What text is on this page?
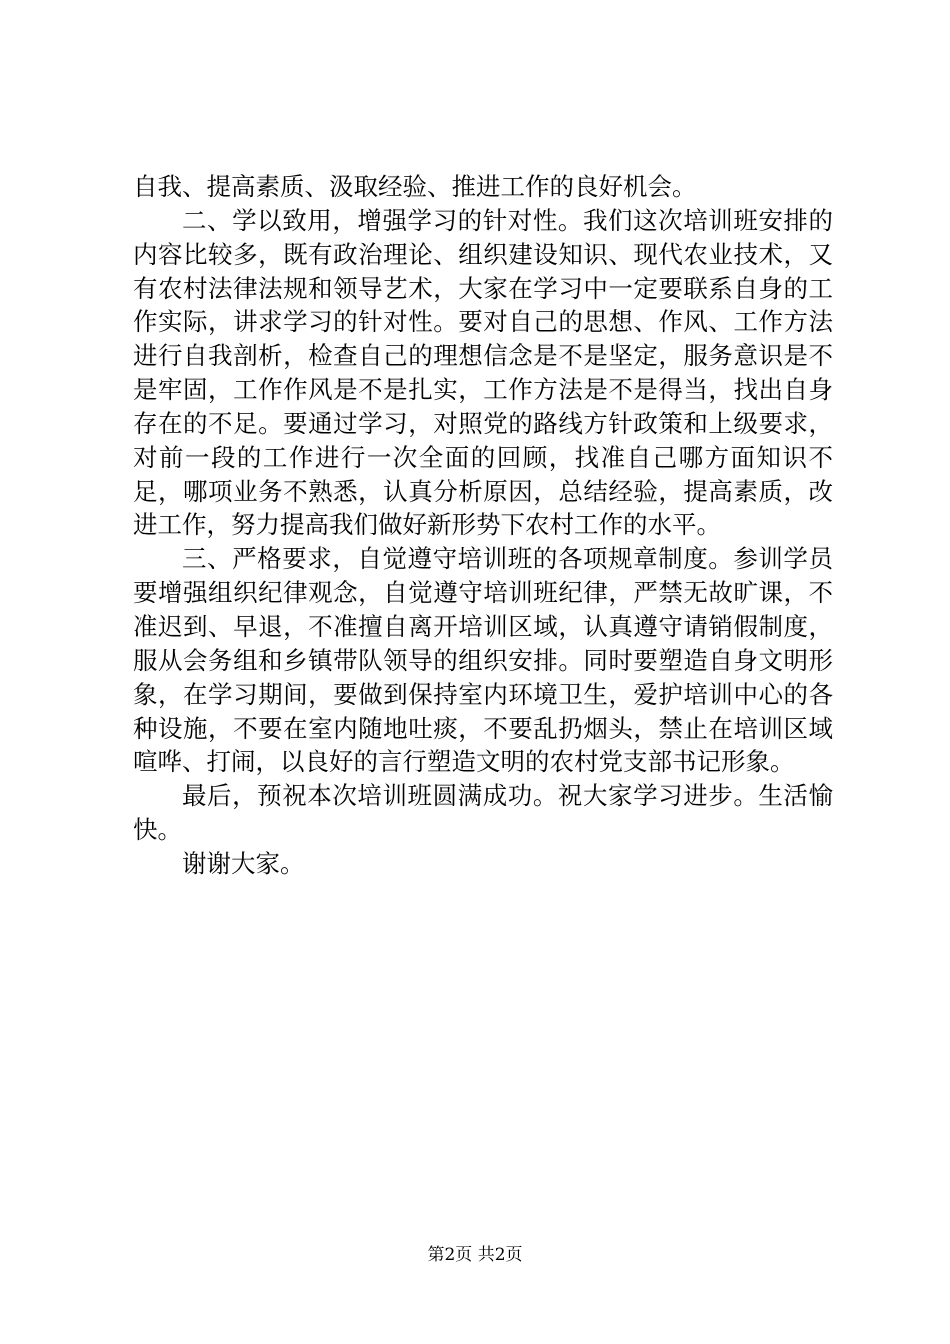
自我、提高素质、汲取经验、推进工作的良好机会。

二、学以致用，增强学习的针对性。我们这次培训班安排的内容比较多，既有政治理论、组织建设知识、现代农业技术，又有农村法律法规和领导艺术，大家在学习中一定要联系自身的工作实际，讲求学习的针对性。要对自己的思想、作风、工作方法进行自我剖析，检查自己的理想信念是不是坚定，服务意识是不是牢固，工作作风是不是扎实，工作方法是不是得当，找出自身存在的不足。要通过学习，对照党的路线方针政策和上级要求，对前一段的工作进行一次全面的回顾，找准自己哪方面知识不足，哪项业务不熟悉，认真分析原因，总结经验，提高素质，改进工作，努力提高我们做好新形势下农村工作的水平。

三、严格要求，自觉遵守培训班的各项规章制度。参训学员要增强组织纪律观念，自觉遵守培训班纪律，严禁无故旷课，不准迟到、早退，不准擅自离开培训区域，认真遵守请销假制度，服从会务组和乡镇带队领导的组织安排。同时要塑造自身文明形象，在学习期间，要做到保持室内环境卫生，爱护培训中心的各种设施，不要在室内随地吐痰，不要乱扔烟头，禁止在培训区域喧哗、打闹，以良好的言行塑造文明的农村党支部书记形象。

最后，预祝本次培训班圆满成功。祝大家学习进步。生活愉快。

谢谢大家。

第2页 共2页
